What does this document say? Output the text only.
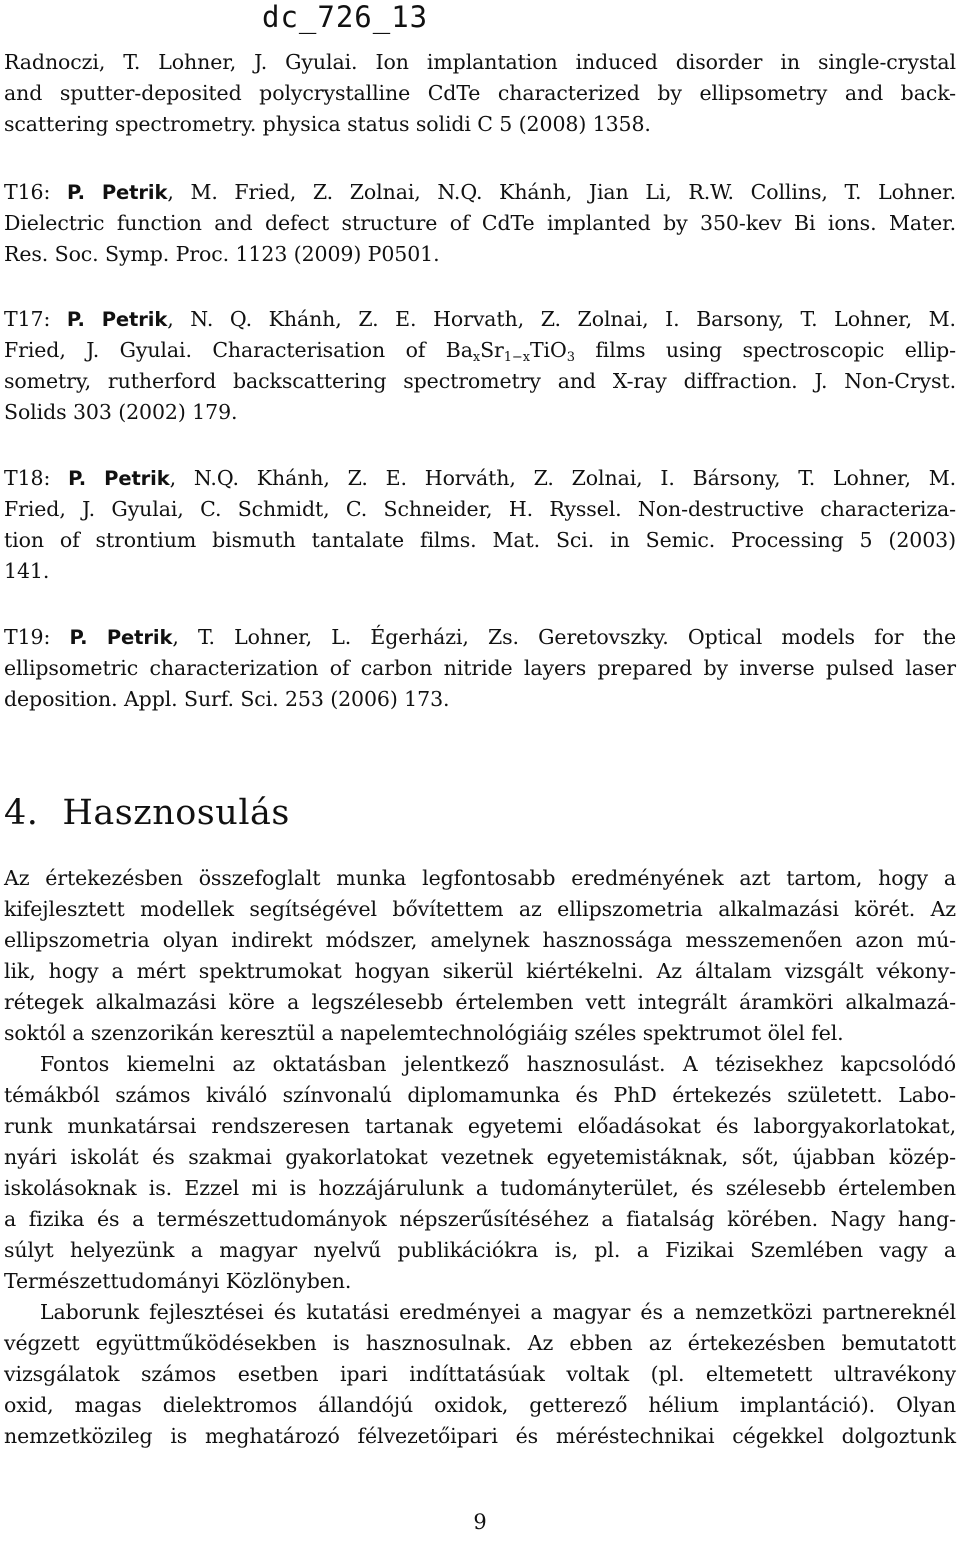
dc_726_13
Radnoczi, T. Lohner, J. Gyulai. Ion implantation induced disorder in single-crystal
and sputter-deposited polycrystalline CdTe characterized by ellipsometry and back-
scattering spectrometry. physica status solidi C 5 (2008) 1358.
T16: P. Petrik, M. Fried, Z. Zolnai, N.Q. Khánh, Jian Li, R.W. Collins, T. Lohner.
Dielectric function and defect structure of CdTe implanted by 350-kev Bi ions. Mater.
Res. Soc. Symp. Proc. 1123 (2009) P0501.
T17: P. Petrik, N. Q. Khánh, Z. E. Horvath, Z. Zolnai, I. Barsony, T. Lohner, M.
Fried, J. Gyulai. Characterisation of $Ba_xSr_{1-x}TiO_3$ films using spectroscopic ellip-
sometry, rutherford backscattering spectrometry and X-ray diffraction. J. Non-Cryst.
Solids 303 (2002) 179.
T18: P. Petrik, N.Q. Khánh, Z. E. Horváth, Z. Zolnai, I. Bársony, T. Lohner, M.
Fried, J. Gyulai, C. Schmidt, C. Schneider, H. Ryssel. Non-destructive characteriza-
tion of strontium bismuth tantalate films. Mat. Sci. in Semic. Processing 5 (2003)
141.
T19: P. Petrik, T. Lohner, L. Égerházi, Zs. Geretovszky. Optical models for the
ellipsometric characterization of carbon nitride layers prepared by inverse pulsed laser
deposition. Appl. Surf. Sci. 253 (2006) 173.
4. Hasznosulás
Az értekezésben összefoglalt munka legfontosabb eredményének azt tartom, hogy a
kifejlesztett modellek segítségével bővítettem az ellipszometria alkalmazási körét. Az
ellipszometria olyan indirekt módszer, amelynek hasznossága messzemenően azon mú-
lik, hogy a mért spektrumokat hogyan sikerül kiértékelni. Az általam vizsgált vékony-
rétegek alkalmazási köre a legszélesebb értelemben vett integrált áramköri alkalmazá-
soktól a szenzorikán keresztül a napelemtechnológiáig széles spektrumot ölel fel.
Fontos kiemelni az oktatásban jelentkező hasznosulást. A tézisekhez kapcsolódó
témákból számos kiváló színvonalú diplomamunka és PhD értekezés született. Labo-
runk munkatársai rendszeresen tartanak egyetemi előadásokat és laborgyakorlatokat,
nyári iskolát és szakmai gyakorlatokat vezetnek egyetemistáknak, sőt, újabban közép-
iskolásoknak is. Ezzel mi is hozzájárulunk a tudományterület, és szélesebb értelemben
a fizika és a természettudományok népszerűsítéséhez a fiatalság körében. Nagy hang-
súlyt helyezünk a magyar nyelvű publikációkra is, pl. a Fizikai Szemlében vagy a
Természettudományi Közlönyben.
Laborunk fejlesztései és kutatási eredményei a magyar és a nemzetközi partnereknél
végzett együttműködésekben is hasznosulnak. Az ebben az értekezésben bemutatott
vizsgálatok számos esetben ipari indíttatásúak voltak (pl. eltemetett ultravékony
oxid, magas dielektromos állandójú oxidok, getterező hélium implantáció). Olyan
nemzetközileg is meghatározó félvezetőipari és méréstechnikai cégekkel dolgoztunk
9
